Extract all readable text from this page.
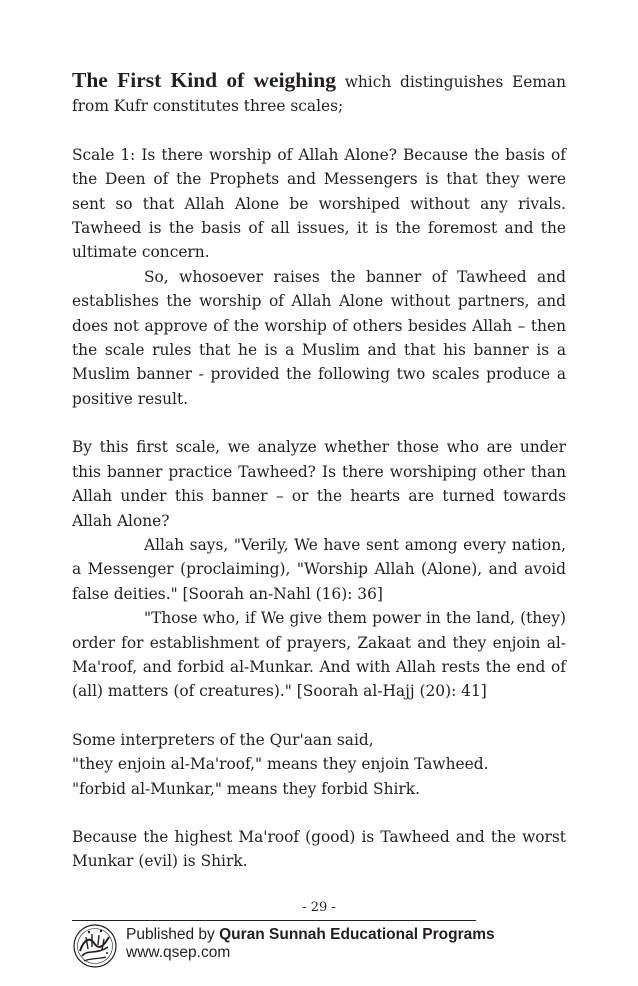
The First Kind of weighing which distinguishes Eeman from Kufr constitutes three scales;

Scale 1: Is there worship of Allah Alone? Because the basis of the Deen of the Prophets and Messengers is that they were sent so that Allah Alone be worshiped without any rivals. Tawheed is the basis of all issues, it is the foremost and the ultimate concern.

So, whosoever raises the banner of Tawheed and establishes the worship of Allah Alone without partners, and does not approve of the worship of others besides Allah – then the scale rules that he is a Muslim and that his banner is a Muslim banner - provided the following two scales produce a positive result.

By this first scale, we analyze whether those who are under this banner practice Tawheed? Is there worshiping other than Allah under this banner – or the hearts are turned towards Allah Alone?

Allah says, "Verily, We have sent among every nation, a Messenger (proclaiming), "Worship Allah (Alone), and avoid false deities." [Soorah an-Nahl (16): 36]

"Those who, if We give them power in the land, (they) order for establishment of prayers, Zakaat and they enjoin al-Ma'roof, and forbid al-Munkar. And with Allah rests the end of (all) matters (of creatures)." [Soorah al-Hajj (20): 41]

Some interpreters of the Qur'aan said,
"they enjoin al-Ma'roof," means they enjoin Tawheed.
"forbid al-Munkar," means they forbid Shirk.

Because the highest Ma'roof (good) is Tawheed and the worst Munkar (evil) is Shirk.

- 29 -
Published by Quran Sunnah Educational Programs
www.qsep.com
